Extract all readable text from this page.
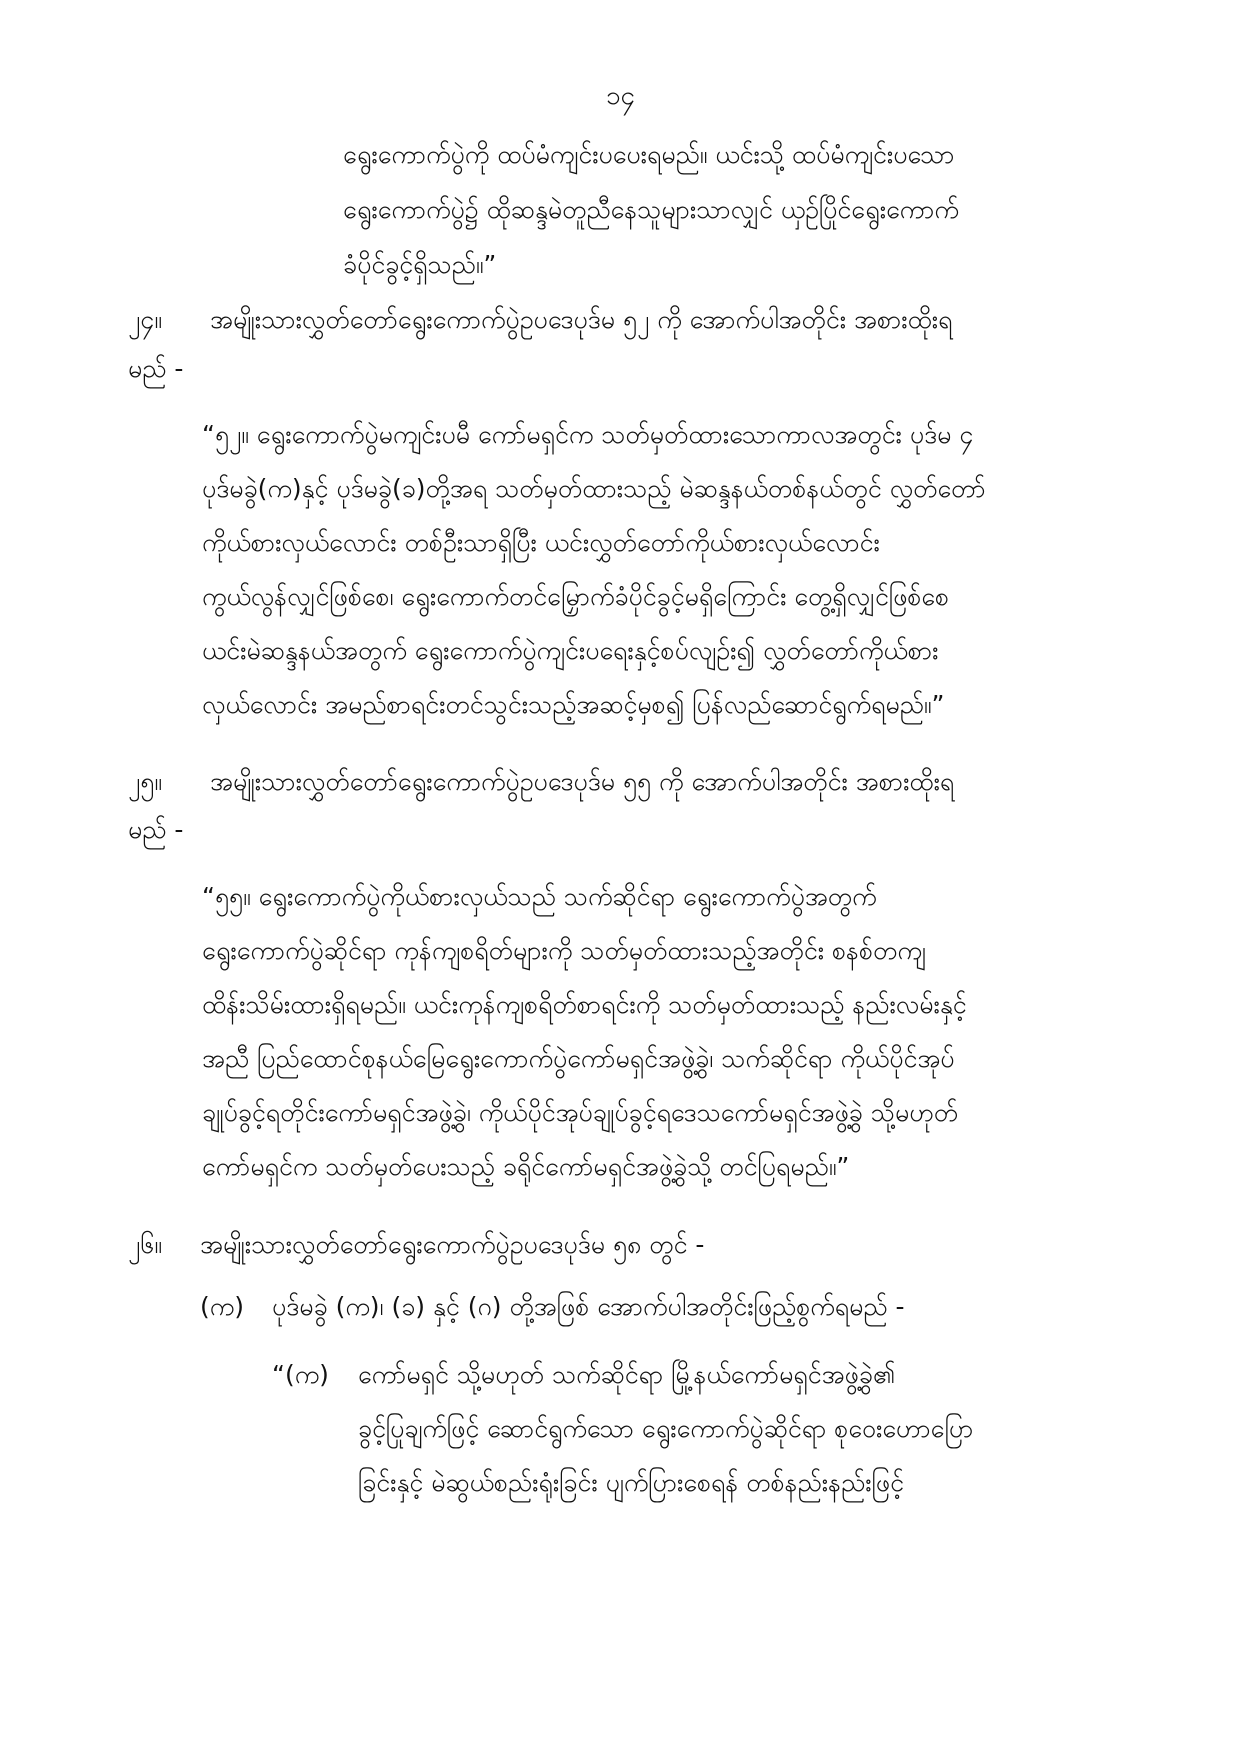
၁၄
ရွေးကောက်ပွဲကို ထပ်မံကျင်းပပေးရမည်။ ယင်းသို့ ထပ်မံကျင်းပသော
ရွေးကောက်ပွဲ၌ ထိုဆန္ဒမဲတူညီနေသူများသာလျှင် ယှဉ်ပြိုင်ရွေးကောက်
ခံပိုင်ခွင့်ရှိသည်။”
၂၄။ အမျိုးသားလွှတ်တော်ရွေးကောက်ပွဲဥပဒေပုဒ်မ ၅၂ ကို အောက်ပါအတိုင်း အစားထိုးရ
မည် -
“၅၂။ ရွေးကောက်ပွဲမကျင်းပမီ ကော်မရှင်က သတ်မှတ်ထားသောကာလအတွင်း ပုဒ်မ ၄
ပုဒ်မခွဲ(က)နှင့် ပုဒ်မခွဲ(ခ)တို့အရ သတ်မှတ်ထားသည့် မဲဆန္ဒနယ်တစ်နယ်တွင် လွှတ်တော်
ကိုယ်စားလှယ်လောင်း တစ်ဦးသာရှိပြီး ယင်းလွှတ်တော်ကိုယ်စားလှယ်လောင်း
ကွယ်လွန်လျှင်ဖြစ်စေ၊ ရွေးကောက်တင်မြှောက်ခံပိုင်ခွင့်မရှိကြောင်း တွေ့ရှိလျှင်ဖြစ်စေ
ယင်းမဲဆန္ဒနယ်အတွက် ရွေးကောက်ပွဲကျင်းပရေးနှင့်စပ်လျဉ်း၍ လွှတ်တော်ကိုယ်စား
လှယ်လောင်း အမည်စာရင်းတင်သွင်းသည့်အဆင့်မှစ၍ ပြန်လည်ဆောင်ရွက်ရမည်။”
၂၅။ အမျိုးသားလွှတ်တော်ရွေးကောက်ပွဲဥပဒေပုဒ်မ ၅၅ ကို အောက်ပါအတိုင်း အစားထိုးရ
မည် -
“၅၅။ ရွေးကောက်ပွဲကိုယ်စားလှယ်သည် သက်ဆိုင်ရာ ရွေးကောက်ပွဲအတွက်
ရွေးကောက်ပွဲဆိုင်ရာ ကုန်ကျစရိတ်များကို သတ်မှတ်ထားသည့်အတိုင်း စနစ်တကျ
ထိန်းသိမ်းထားရှိရမည်။ ယင်းကုန်ကျစရိတ်စာရင်းကို သတ်မှတ်ထားသည့် နည်းလမ်းနှင့်
အညီ ပြည်ထောင်စုနယ်မြေရွေးကောက်ပွဲကော်မရှင်အဖွဲ့ခွဲ၊ သက်ဆိုင်ရာ ကိုယ်ပိုင်အုပ်
ချုပ်ခွင့်ရတိုင်းကော်မရှင်အဖွဲ့ခွဲ၊ ကိုယ်ပိုင်အုပ်ချုပ်ခွင့်ရဒေသကော်မရှင်အဖွဲ့ခွဲ သို့မဟုတ်
ကော်မရှင်က သတ်မှတ်ပေးသည့် ခရိုင်ကော်မရှင်အဖွဲ့ခွဲသို့ တင်ပြရမည်။”
၂၆။ အမျိုးသားလွှတ်တော်ရွေးကောက်ပွဲဥပဒေပုဒ်မ ၅၈ တွင် -
(က) ပုဒ်မခွဲ (က)၊ (ခ) နှင့် (ဂ) တို့အဖြစ် အောက်ပါအတိုင်းဖြည့်စွက်ရမည် -
“(က) ကော်မရှင် သို့မဟုတ် သက်ဆိုင်ရာ မြို့နယ်ကော်မရှင်အဖွဲ့ခွဲ၏
ခွင့်ပြုချက်ဖြင့် ဆောင်ရွက်သော ရွေးကောက်ပွဲဆိုင်ရာ စုဝေးဟောပြော
ခြင်းနှင့် မဲဆွယ်စည်းရုံးခြင်း ပျက်ပြားစေရန် တစ်နည်းနည်းဖြင့်
